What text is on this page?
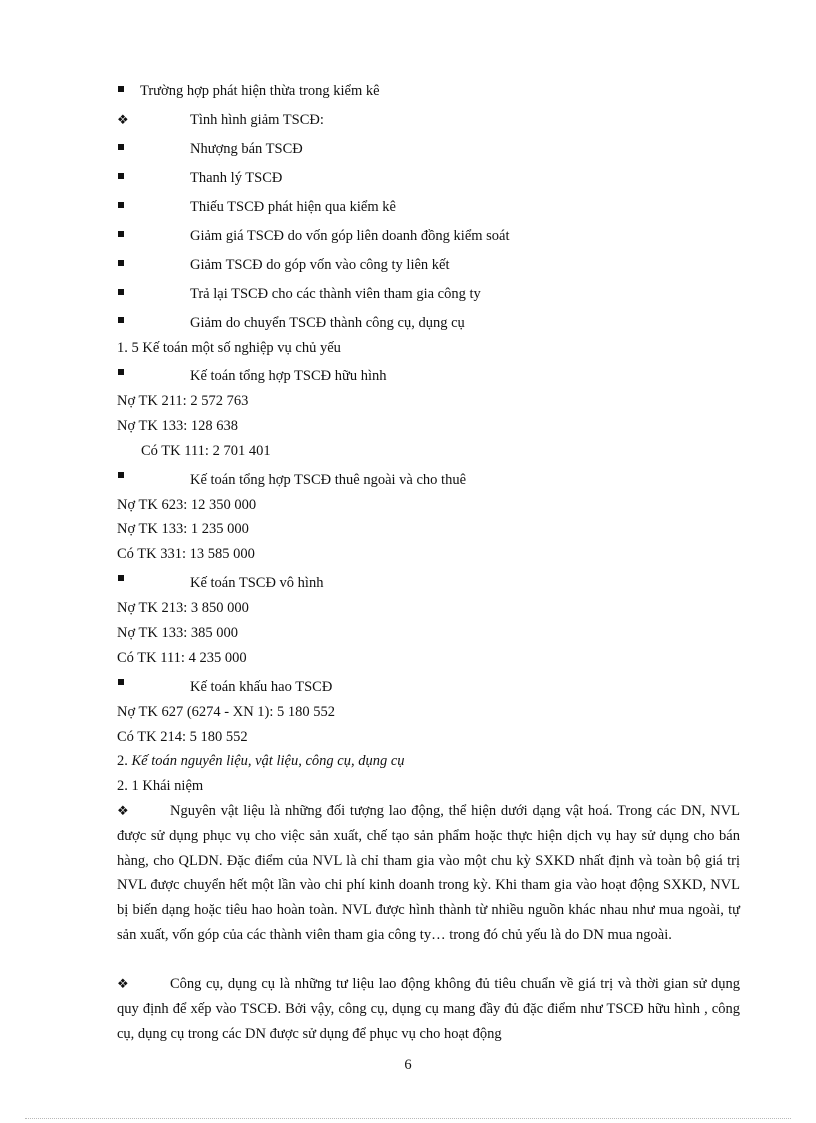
Trường hợp phát hiện thừa trong kiểm kê
❖	Tình hình giảm TSCĐ:
Nhượng bán TSCĐ
Thanh lý TSCĐ
Thiếu TSCĐ phát hiện qua kiểm kê
Giảm giá TSCĐ do vốn góp liên doanh đồng kiểm soát
Giảm TSCĐ do góp vốn vào công ty liên kết
Trả lại TSCĐ cho các thành viên tham gia công ty
Giảm do chuyển TSCĐ thành công cụ, dụng cụ
1. 5 Kế toán một số nghiệp vụ chủ yếu
Kế toán tổng hợp TSCĐ hữu hình
Nợ TK 211: 2 572 763
Nợ TK 133: 128 638
Có TK 111: 2 701 401
Kế toán tổng hợp TSCĐ thuê ngoài và cho thuê
Nợ TK 623: 12 350 000
Nợ TK 133: 1 235 000
Có TK 331: 13 585 000
Kế toán TSCĐ vô hình
Nợ TK 213: 3 850 000
Nợ TK 133: 385 000
Có TK 111: 4 235 000
Kế toán khấu hao TSCĐ
Nợ TK 627 (6274 - XN 1): 5 180 552
Có TK 214: 5 180 552
2. Kế toán nguyên liệu, vật liệu, công cụ, dụng cụ
2. 1 Khái niệm
❖	Nguyên vật liệu là những đối tượng lao động, thể hiện dưới dạng vật hoá. Trong các DN, NVL được sử dụng phục vụ cho việc sản xuất, chế tạo sản phẩm hoặc thực hiện dịch vụ hay sử dụng cho bán hàng, cho QLDN. Đặc điểm của NVL là chỉ tham gia vào một chu kỳ SXKD nhất định và toàn bộ giá trị NVL được chuyển hết một lần vào chi phí kinh doanh trong kỳ. Khi tham gia vào hoạt động SXKD, NVL bị biến dạng hoặc tiêu hao hoàn toàn. NVL được hình thành từ nhiều nguồn khác nhau như mua ngoài, tự sản xuất, vốn góp của các thành viên tham gia công ty… trong đó chủ yếu là do DN mua ngoài.
❖	Công cụ, dụng cụ là những tư liệu lao động không đủ tiêu chuẩn về giá trị và thời gian sử dụng quy định để xếp vào TSCĐ. Bởi vậy, công cụ, dụng cụ mang đầy đủ đặc điểm như TSCĐ hữu hình , công cụ, dụng cụ trong các DN được sử dụng để phục vụ cho hoạt động
6
